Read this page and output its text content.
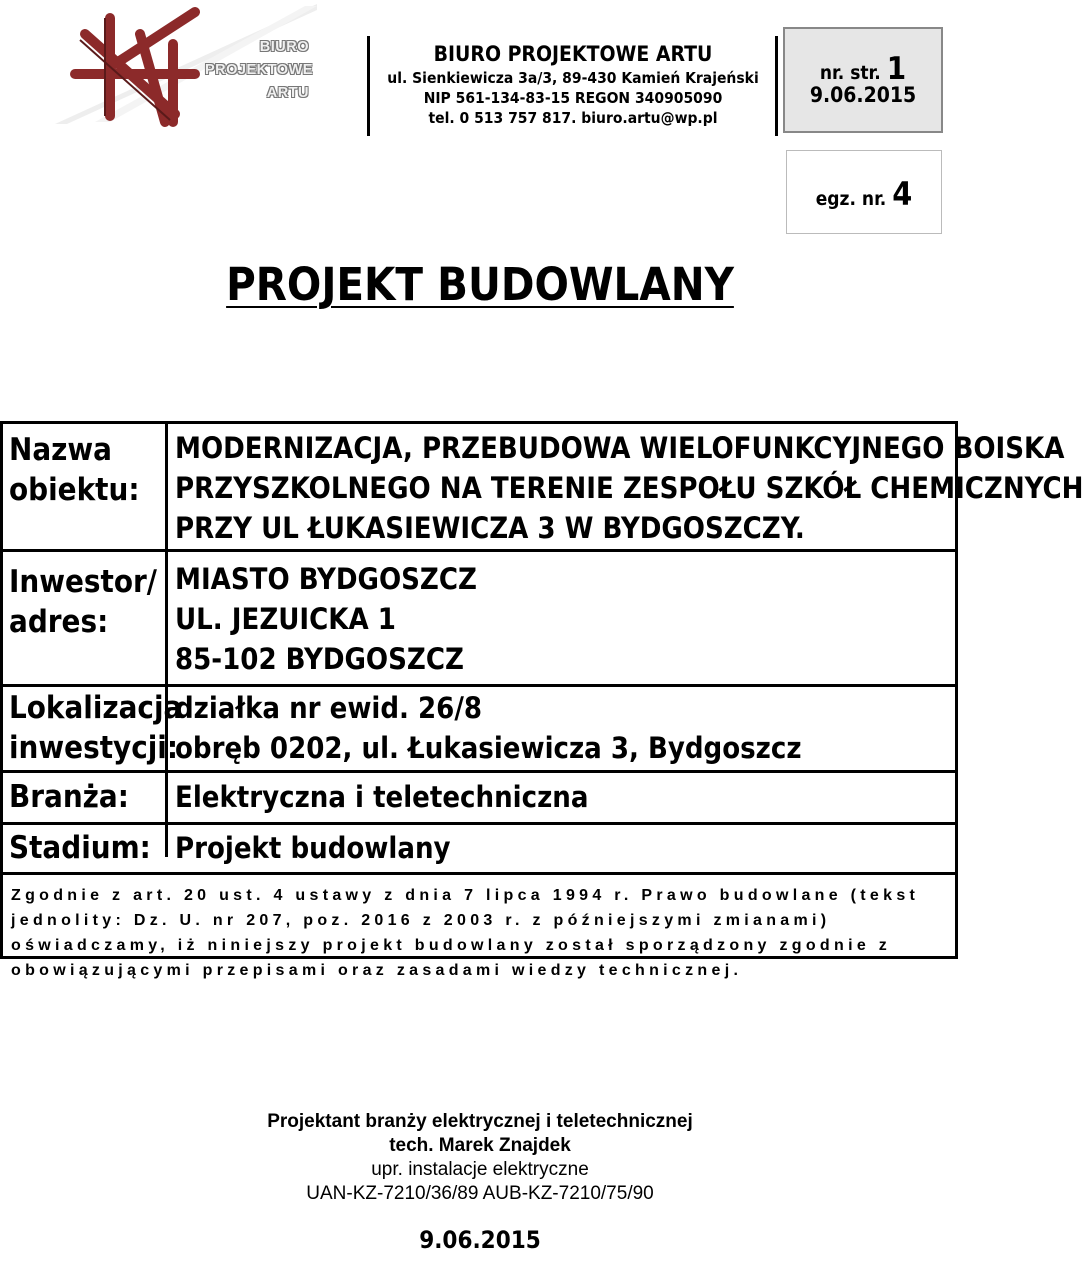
BIURO
PROJEKTOWE
ARTU
BIURO PROJEKTOWE ARTU
ul. Sienkiewicza 3a/3, 89-430 Kamień Krajeński
NIP 561-134-83-15 REGON 340905090
tel. 0 513 757 817. biuro.artu@wp.pl
nr. str. 1
9.06.2015
egz. nr. 4
PROJEKT BUDOWLANY
Nazwa
obiektu:
MODERNIZACJA, PRZEBUDOWA WIELOFUNKCYJNEGO BOISKA
PRZYSZKOLNEGO NA TERENIE ZESPOŁU SZKÓŁ CHEMICZNYCH
PRZY UL ŁUKASIEWICZA 3 W BYDGOSZCZY.
Inwestor/
adres:
MIASTO BYDGOSZCZ
UL. JEZUICKA 1
85-102 BYDGOSZCZ
Lokalizacja
inwestycji:
działka nr ewid. 26/8
obręb 0202, ul. Łukasiewicza 3, Bydgoszcz
Branża: Elektryczna i teletechniczna
Stadium: Projekt budowlany
Zgodnie z art. 20 ust. 4 ustawy z dnia 7 lipca 1994 r. Prawo budowlane (tekst jednolity: Dz. U. nr 207, poz. 2016 z 2003 r. z późniejszymi zmianami) oświadczamy, iż niniejszy projekt budowlany został sporządzony zgodnie z obowiązującymi przepisami oraz zasadami wiedzy technicznej.
Projektant branży elektrycznej i teletechnicznej
tech. Marek Znajdek
upr. instalacje elektryczne
UAN-KZ-7210/36/89 AUB-KZ-7210/75/90
9.06.2015
